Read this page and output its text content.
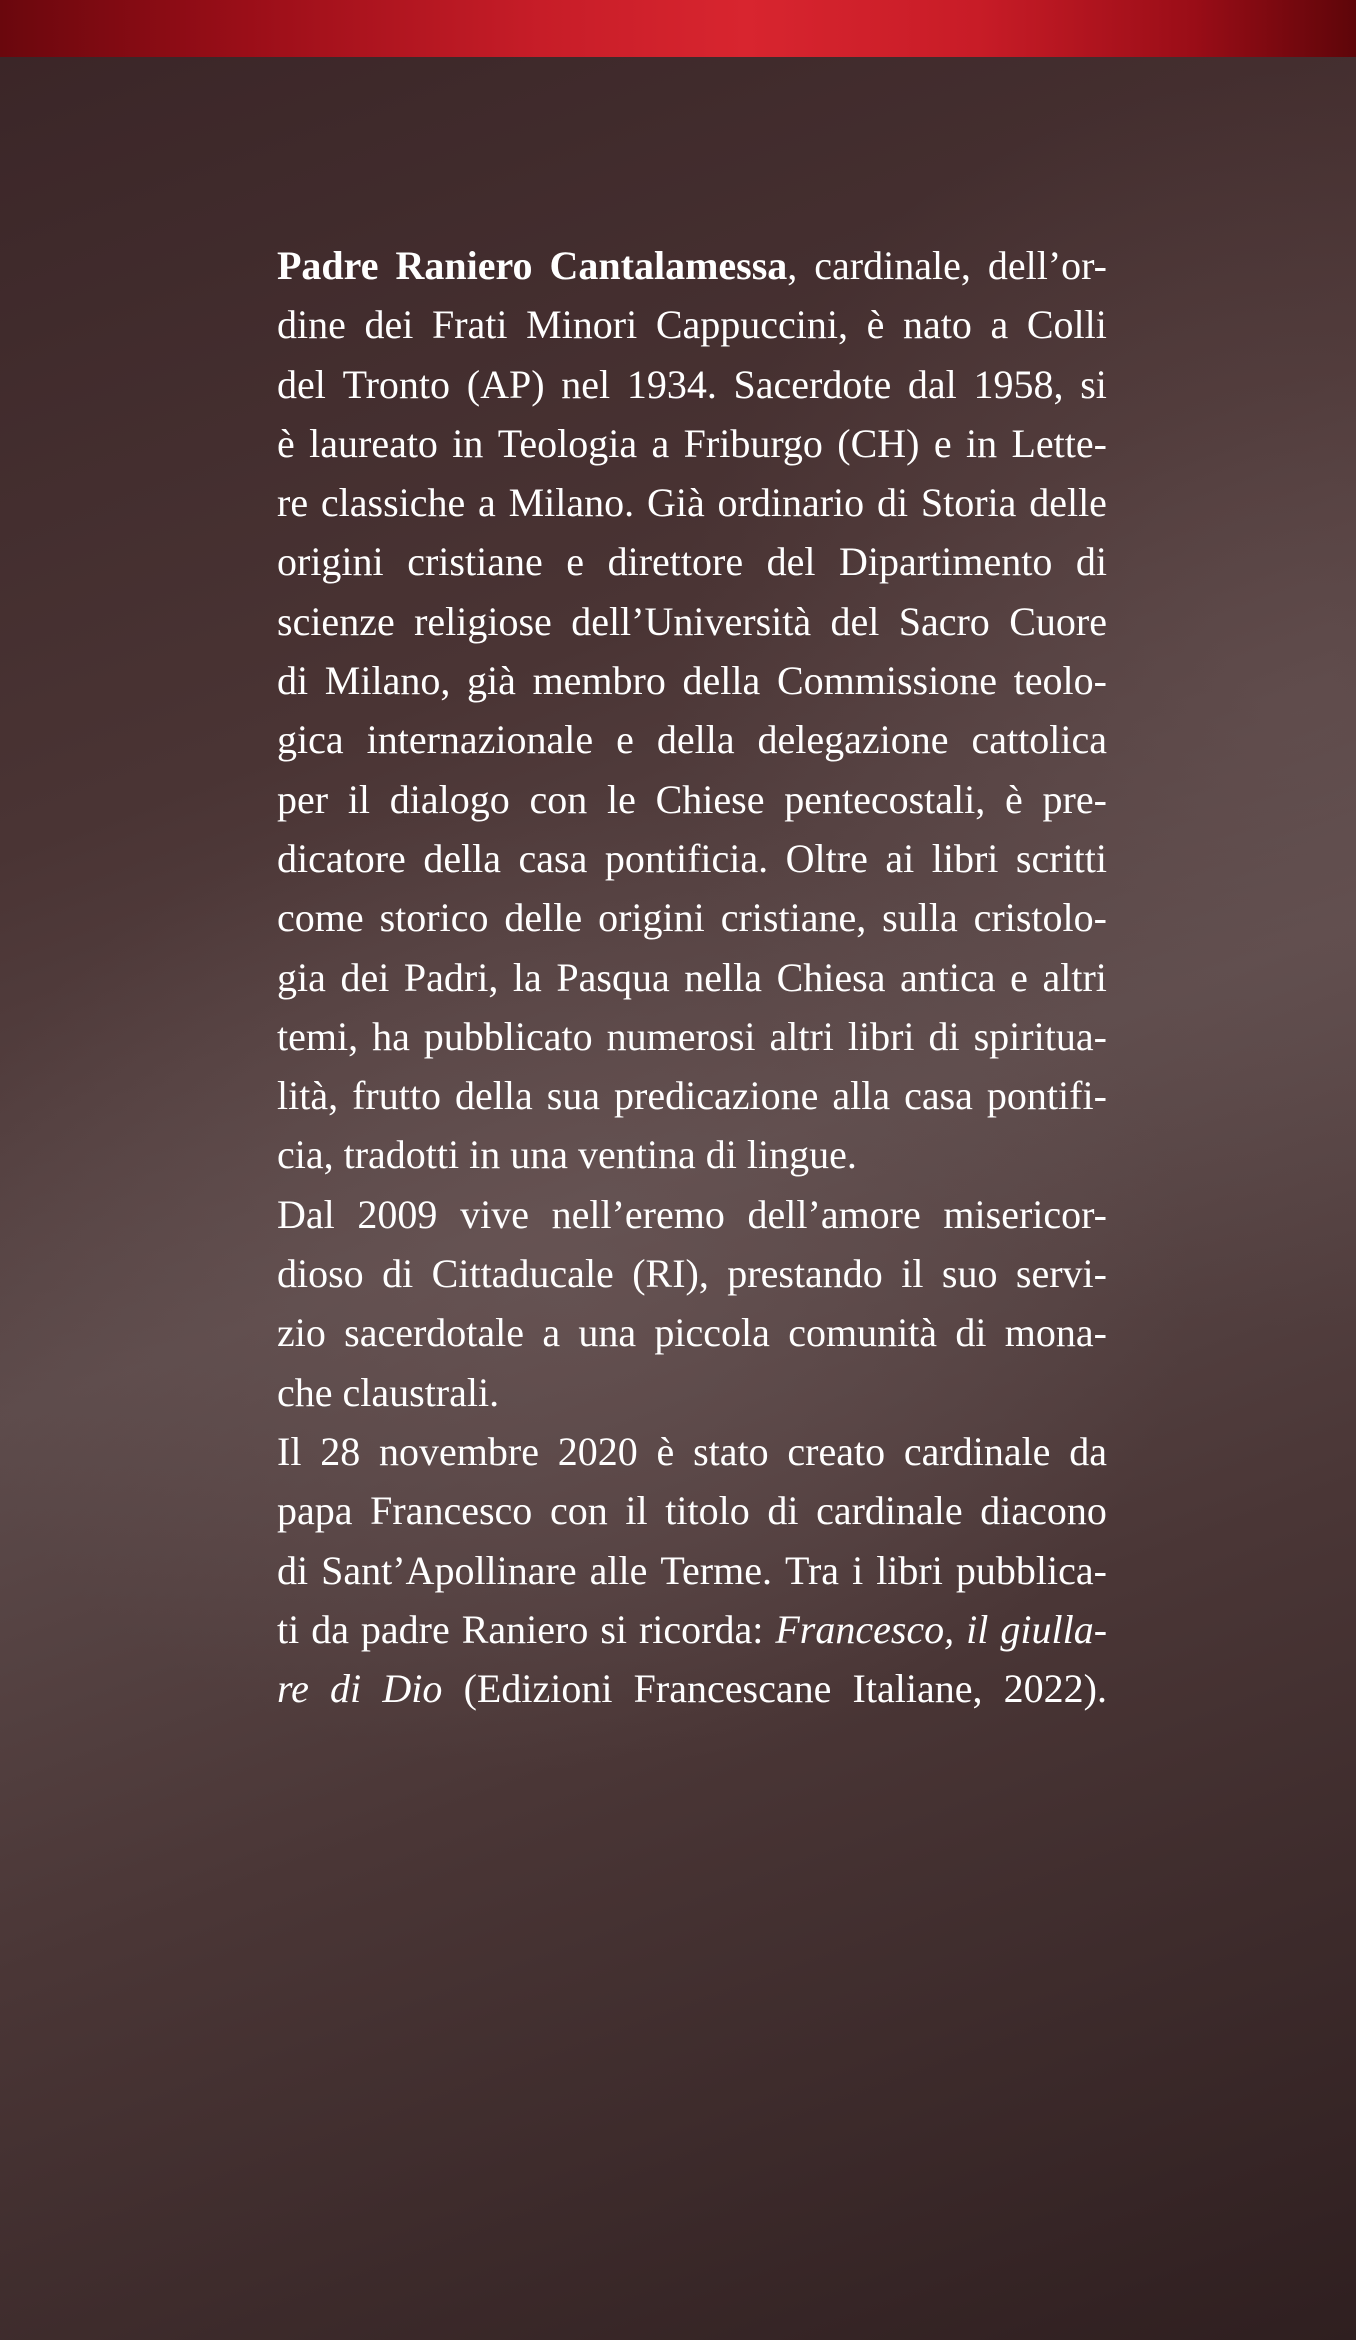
Padre Raniero Cantalamessa, cardinale, dell’or-
dine dei Frati Minori Cappuccini, è nato a Colli
del Tronto (AP) nel 1934. Sacerdote dal 1958, si
è laureato in Teologia a Friburgo (CH) e in Lette-
re classiche a Milano. Già ordinario di Storia delle
origini cristiane e direttore del Dipartimento di
scienze religiose dell’Università del Sacro Cuore
di Milano, già membro della Commissione teolo-
gica internazionale e della delegazione cattolica
per il dialogo con le Chiese pentecostali, è pre-
dicatore della casa pontificia. Oltre ai libri scritti
come storico delle origini cristiane, sulla cristolo-
gia dei Padri, la Pasqua nella Chiesa antica e altri
temi, ha pubblicato numerosi altri libri di spiritua-
lità, frutto della sua predicazione alla casa pontifi-
cia, tradotti in una ventina di lingue.
Dal 2009 vive nell’eremo dell’amore misericor-
dioso di Cittaducale (RI), prestando il suo servi-
zio sacerdotale a una piccola comunità di mona-
che claustrali.
Il 28 novembre 2020 è stato creato cardinale da
papa Francesco con il titolo di cardinale diacono
di Sant’Apollinare alle Terme. Tra i libri pubblica-
ti da padre Raniero si ricorda: Francesco, il giulla-
re di Dio (Edizioni Francescane Italiane, 2022).
